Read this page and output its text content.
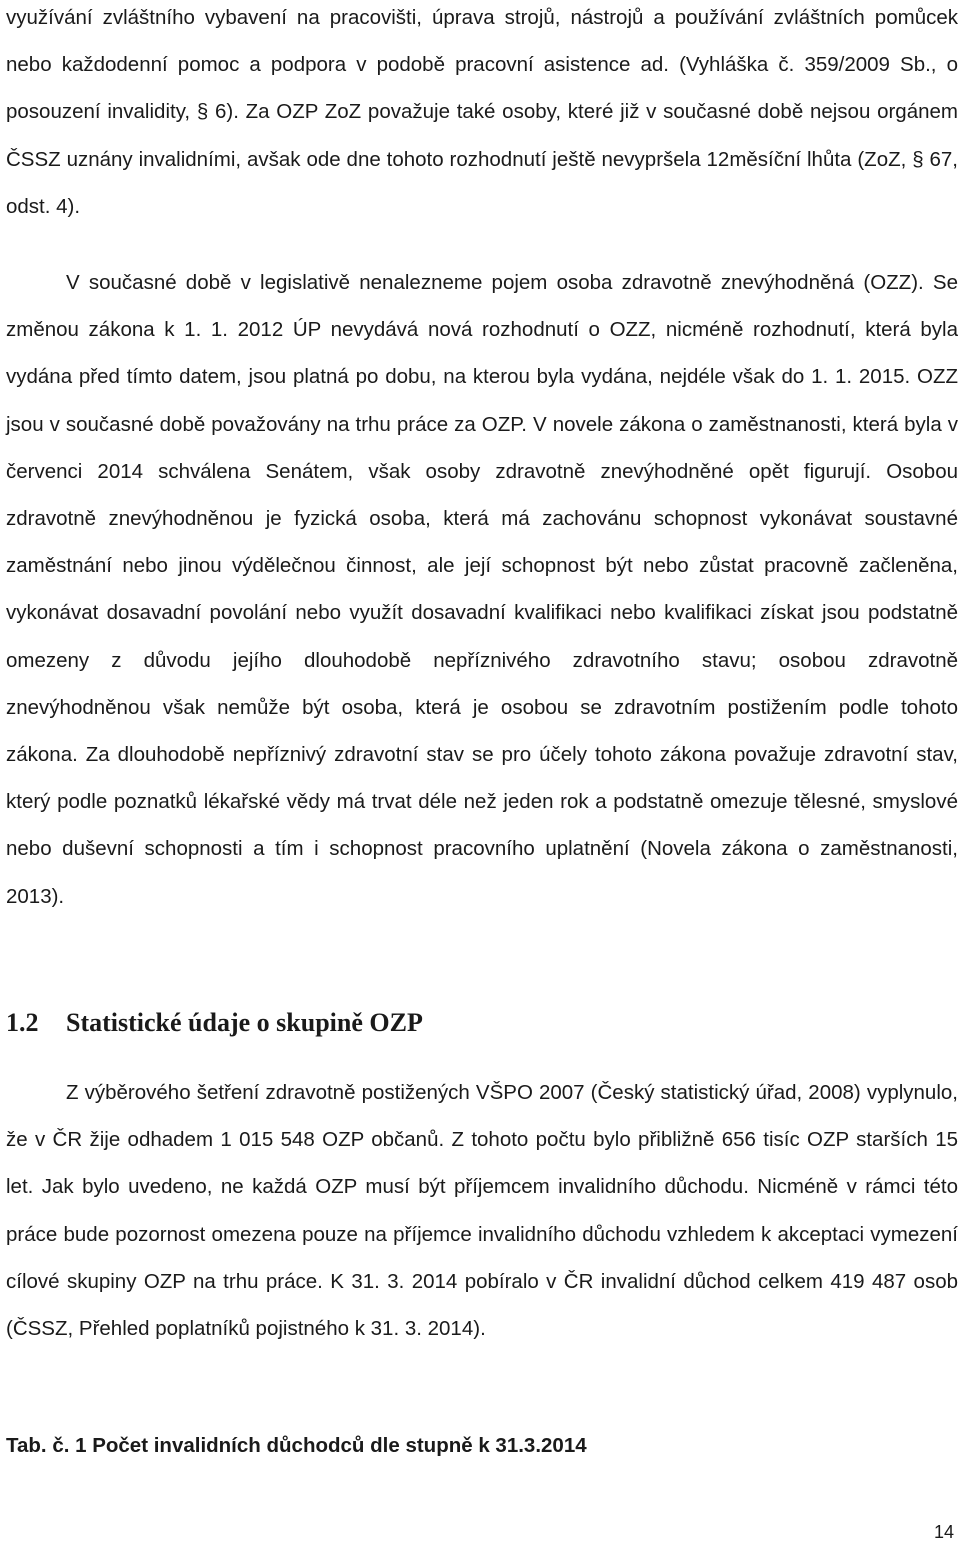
využívání zvláštního vybavení na pracovišti, úprava strojů, nástrojů a používání zvláštních pomůcek nebo každodenní pomoc a podpora v podobě pracovní asistence ad. (Vyhláška č. 359/2009 Sb., o posouzení invalidity, § 6). Za OZP ZoZ považuje také osoby, které již v současné době nejsou orgánem ČSSZ uznány invalidními, avšak ode dne tohoto rozhodnutí ještě nevypršela 12měsíční lhůta (ZoZ, § 67, odst. 4).

V současné době v legislativě nenalezneme pojem osoba zdravotně znevýhodněná (OZZ). Se změnou zákona k 1. 1. 2012 ÚP nevydává nová rozhodnutí o OZZ, nicméně rozhodnutí, která byla vydána před tímto datem, jsou platná po dobu, na kterou byla vydána, nejdéle však do 1. 1. 2015. OZZ jsou v současné době považovány na trhu práce za OZP. V novele zákona o zaměstnanosti, která byla v červenci 2014 schválena Senátem, však osoby zdravotně znevýhodněné opět figurují. Osobou zdravotně znevýhodněnou je fyzická osoba, která má zachovánu schopnost vykonávat soustavné zaměstnání nebo jinou výdělečnou činnost, ale její schopnost být nebo zůstat pracovně začleněna, vykonávat dosavadní povolání nebo využít dosavadní kvalifikaci nebo kvalifikaci získat jsou podstatně omezeny z důvodu jejího dlouhodobě nepříznivého zdravotního stavu; osobou zdravotně znevýhodněnou však nemůže být osoba, která je osobou se zdravotním postižením podle tohoto zákona. Za dlouhodobě nepříznivý zdravotní stav se pro účely tohoto zákona považuje zdravotní stav, který podle poznatků lékařské vědy má trvat déle než jeden rok a podstatně omezuje tělesné, smyslové nebo duševní schopnosti a tím i schopnost pracovního uplatnění (Novela zákona o zaměstnanosti, 2013).

1.2 Statistické údaje o skupině OZP

Z výběrového šetření zdravotně postižených VŠPO 2007 (Český statistický úřad, 2008) vyplynulo, že v ČR žije odhadem 1 015 548 OZP občanů. Z tohoto počtu bylo přibližně 656 tisíc OZP starších 15 let. Jak bylo uvedeno, ne každá OZP musí být příjemcem invalidního důchodu. Nicméně v rámci této práce bude pozornost omezena pouze na příjemce invalidního důchodu vzhledem k akceptaci vymezení cílové skupiny OZP na trhu práce. K 31. 3. 2014 pobíralo v ČR invalidní důchod celkem 419 487 osob (ČSSZ, Přehled poplatníků pojistného k 31. 3. 2014).

Tab. č. 1 Počet invalidních důchodců dle stupně k 31.3.2014

14
